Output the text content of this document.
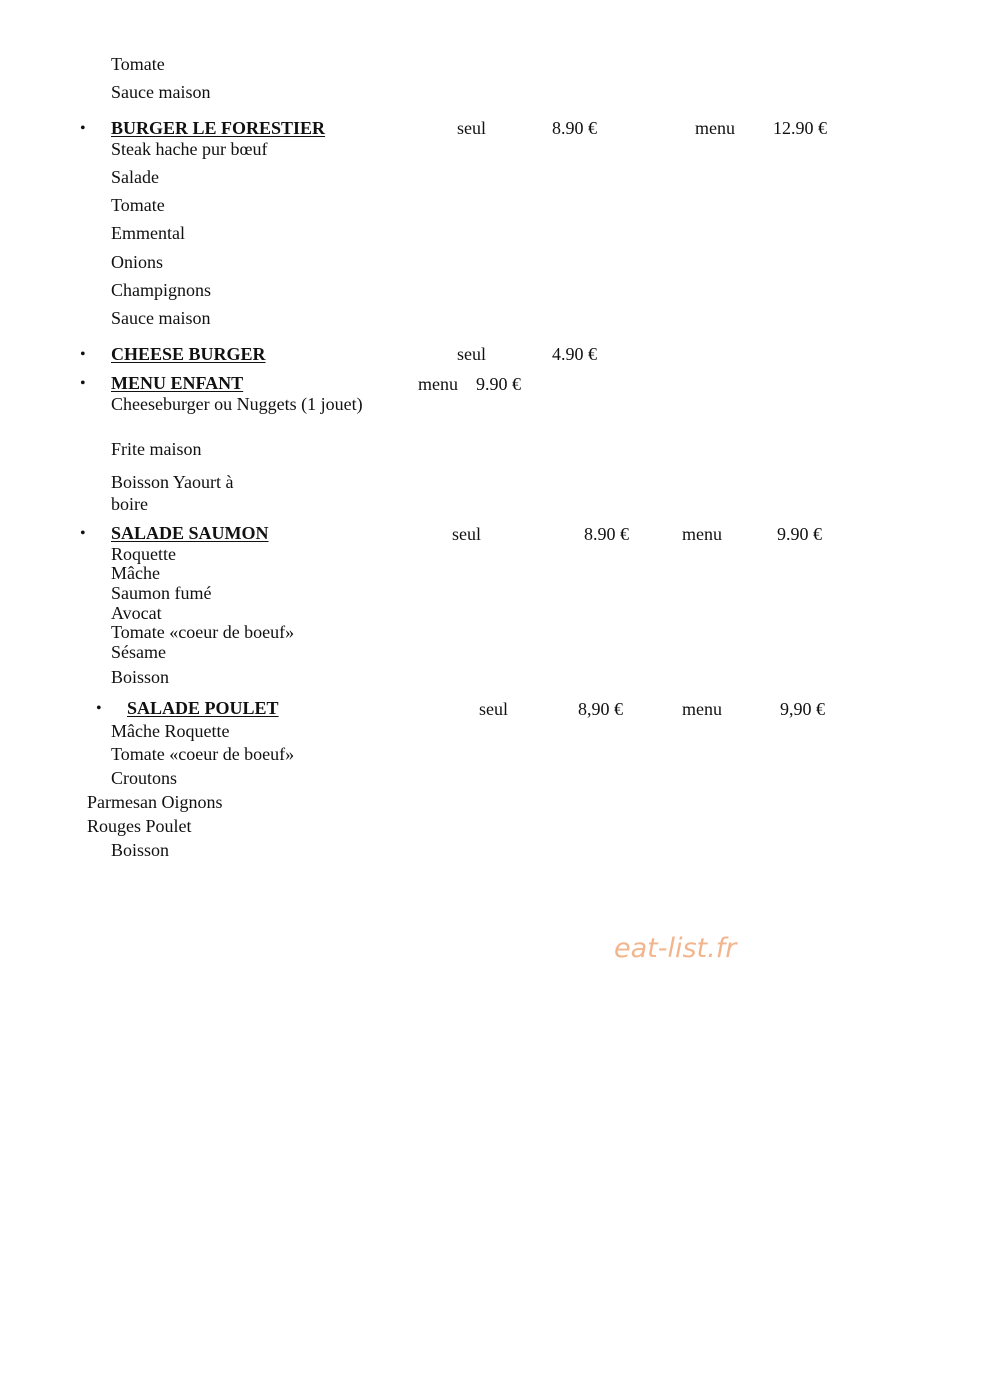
Tomate
Sauce maison
• BURGER LE FORESTIER	seul	8.90 €	menu 12.90 €
Steak hache pur bœuf
Salade
Tomate
Emmental
Onions
Champignons
Sauce maison
• CHEESE BURGER	seul	4.90 €
• MENU ENFANT	menu 9.90 €
Cheeseburger ou Nuggets (1 jouet)
Frite maison
Boisson Yaourt à
boire
• SALADE SAUMON	seul	8.90 €	menu	9.90 €
Roquette
Mâche
Saumon fumé
Avocat
Tomate «coeur de boeuf»
Sésame
Boisson
• SALADE POULET	seul	8,90 €	menu	9,90 €
Mâche Roquette
Tomate «coeur de boeuf»
Croutons
Parmesan Oignons
Rouges Poulet
Boisson
eat-list.fr
